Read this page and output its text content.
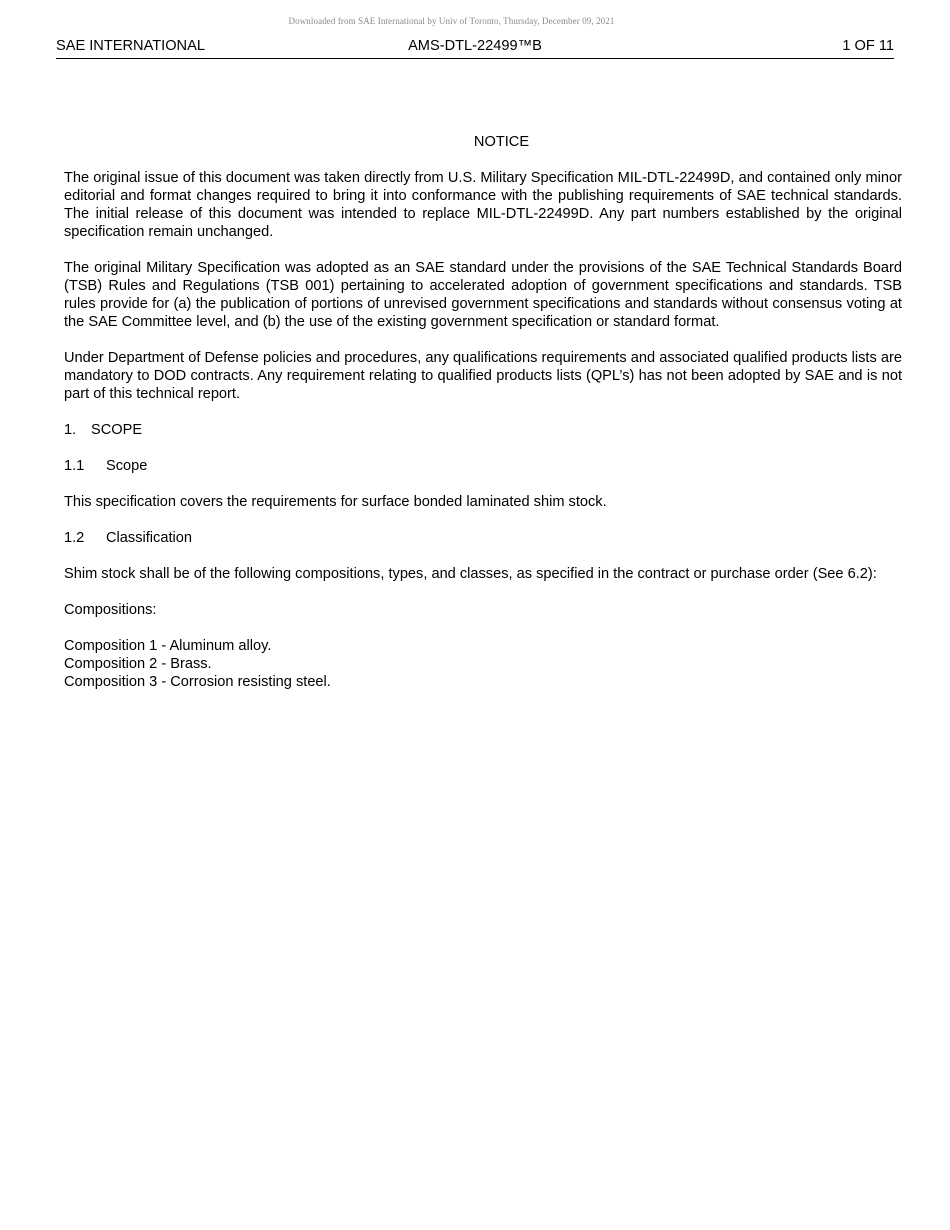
Downloaded from SAE International by Univ of Toronto, Thursday, December 09, 2021
SAE INTERNATIONAL	AMS-DTL-22499™B	1 OF 11
NOTICE

The original issue of this document was taken directly from U.S. Military Specification MIL-DTL-22499D, and contained only minor editorial and format changes required to bring it into conformance with the publishing requirements of SAE technical standards. The initial release of this document was intended to replace MIL-DTL-22499D. Any part numbers established by the original specification remain unchanged.

The original Military Specification was adopted as an SAE standard under the provisions of the SAE Technical Standards Board (TSB) Rules and Regulations (TSB 001) pertaining to accelerated adoption of government specifications and standards. TSB rules provide for (a) the publication of portions of unrevised government specifications and standards without consensus voting at the SAE Committee level, and (b) the use of the existing government specification or standard format.

Under Department of Defense policies and procedures, any qualifications requirements and associated qualified products lists are mandatory to DOD contracts. Any requirement relating to qualified products lists (QPL’s) has not been adopted by SAE and is not part of this technical report.

1. SCOPE
1.1 Scope

This specification covers the requirements for surface bonded laminated shim stock.

1.2 Classification

Shim stock shall be of the following compositions, types, and classes, as specified in the contract or purchase order (See 6.2):

Compositions:

Composition 1 - Aluminum alloy.
Composition 2 - Brass.
Composition 3 - Corrosion resisting steel.
